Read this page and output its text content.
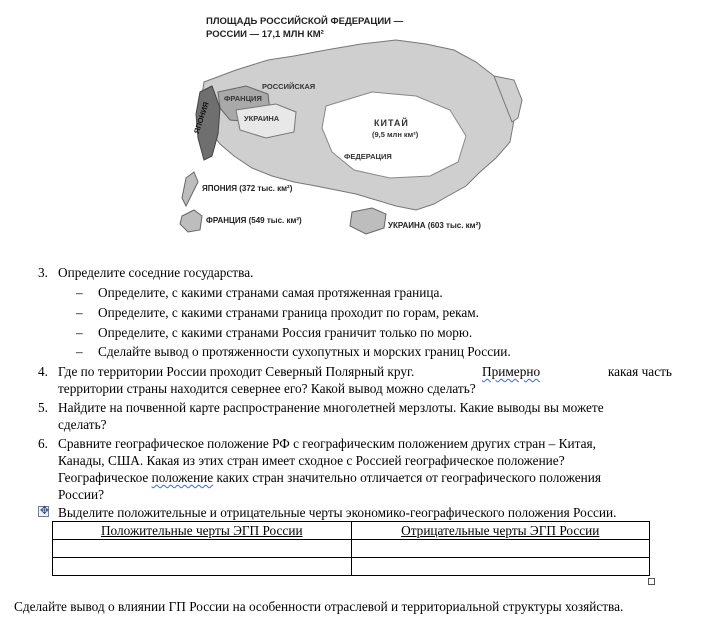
ПЛОЩАДЬ РОССИЙСКОЙ ФЕДЕРАЦИИ —
РОССИИ — 17,1 МЛН КМ²
РОССИЙСКАЯ
ФЕДЕРАЦИЯ
КИТАЙ
(9,5 млн км²)
ФРАНЦИЯ
УКРАИНА
ЯПОНИЯ
ЯПОНИЯ (372 тыс. км²)
ФРАНЦИЯ (549 тыс. км²)
УКРАИНА (603 тыс. км²)
3. Определите соседние государства.
– Определите, с какими странами самая протяженная граница.
– Определите, с какими странами граница проходит по горам, рекам.
– Определите, с какими странами Россия граничит только по морю.
– Сделайте вывод о протяженности сухопутных и морских границ России.
4. Где по территории России проходит Северный Полярный круг.	Примерно	какая часть
территории страны находится севернее его? Какой вывод можно сделать?
5. Найдите на почвенной карте распространение многолетней мерзлоты. Какие выводы вы можете
сделать?
6. Сравните географическое положение РФ с географическим положением других стран – Китая,
Канады, США. Какая из этих стран имеет сходное с Россией географическое положение?
Географическое положение каких стран значительно отличается от географического положения
России?
✥ Выделите положительные и отрицательные черты экономико-географического положения России.
Положительные черты ЭГП России	Отрицательные черты ЭГП России

Сделайте вывод о влиянии ГП России на особенности отраслевой и территориальной структуры хозяйства.
